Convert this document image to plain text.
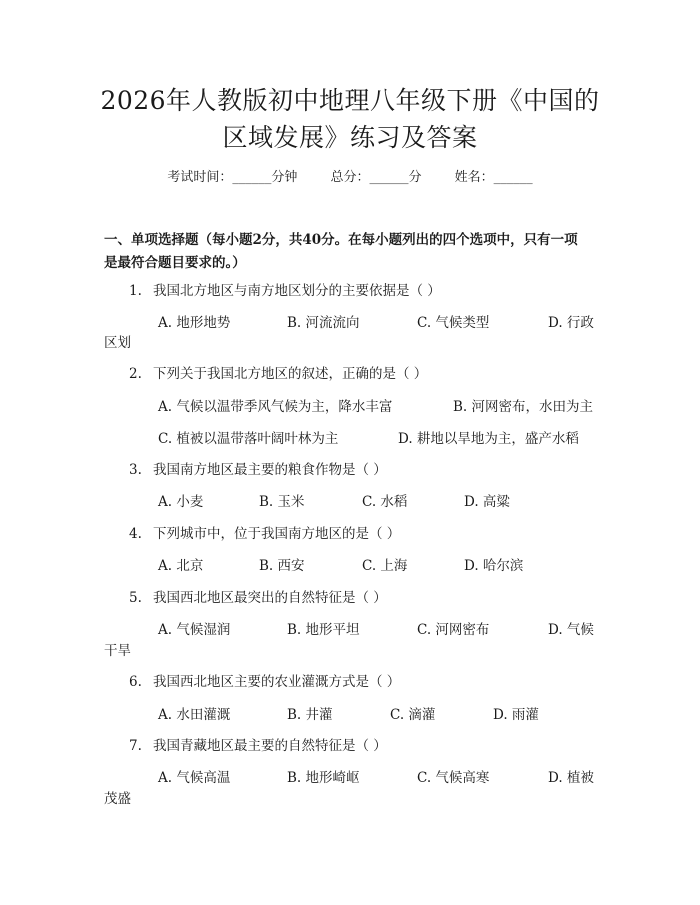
2026年人教版初中地理八年级下册《中国的
区域发展》练习及答案
考试时间：______分钟	总分：______分	姓名：______
一、单项选择题（每小题2分，共40分。在每小题列出的四个选项中，只有一项
是最符合题目要求的。）
1. 我国北方地区与南方地区划分的主要依据是（ ）
A. 地形地势	B. 河流流向	C. 气候类型	D. 行政
区划
2. 下列关于我国北方地区的叙述，正确的是（ ）
A. 气候以温带季风气候为主，降水丰富	B. 河网密布，水田为主
C. 植被以温带落叶阔叶林为主	D. 耕地以旱地为主，盛产水稻
3. 我国南方地区最主要的粮食作物是（ ）
A. 小麦	B. 玉米	C. 水稻	D. 高粱
4. 下列城市中，位于我国南方地区的是（ ）
A. 北京	B. 西安	C. 上海	D. 哈尔滨
5. 我国西北地区最突出的自然特征是（ ）
A. 气候湿润	B. 地形平坦	C. 河网密布	D. 气候
干旱
6. 我国西北地区主要的农业灌溉方式是（ ）
A. 水田灌溉	B. 井灌	C. 滴灌	D. 雨灌
7. 我国青藏地区最主要的自然特征是（ ）
A. 气候高温	B. 地形崎岖	C. 气候高寒	D. 植被
茂盛
